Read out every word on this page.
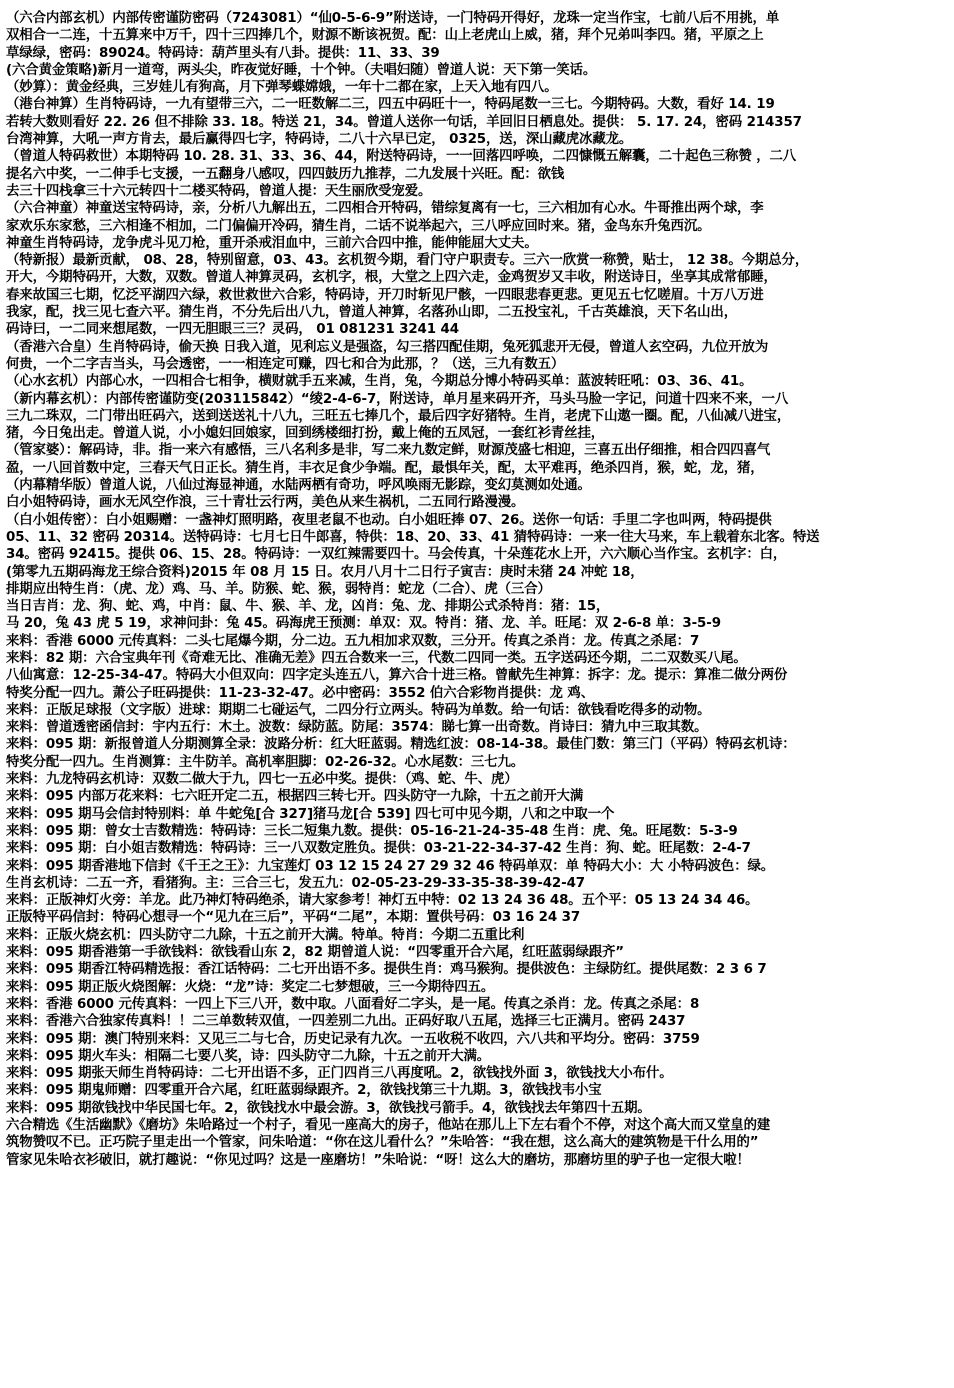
（六合内部玄机）内部传密谨防密码（7243081）“仙0-5-6-9”附送诗，一门特码开得好，龙珠一定当作宝，七前八后不用挑，单
双相合一二连，十五算来中万千，四十三四捧几个，财源不断该祝贺。配：山上老虎山上威，猪，拜个兄弟叫李四。猪，平原之上
草绿绿，密码：89024。特码诗：葫芦里头有八卦。提供：11、33、39
(六合黄金策略)新月一道弯，两头尖，昨夜觉好睡，十个钟。（夫唱妇随）曾道人说：天下第一笑话。
（妙算）：黄金经典，三岁娃儿有狗高，月下弹琴蝶嫦娥，一年十二都在家，上天入地有四八。
（港台神算）生肖特码诗，一九有望带三六，二一旺数解二三，四五中码旺十一，特码尾数一三七。今期特码。大数，看好 14. 19
若转大数则看好 22. 26 但不排除 33. 18。特送 21，34。曾道人送你一句话，羊回旧日栖息处。提供： 5. 17. 24，密码 214357
台湾神算，大吼一声方肯去，最后赢得四七字，特码诗，二八十六早已定， 0325，送，深山藏虎冰藏龙。
（曾道人特码救世）本期特码 10. 28. 31、33、36、44，附送特码诗，一一回落四呼唤，二四慷慨五解囊，二十起色三称赞 ，二八
提名六中奖，一二伸手七支援，一五翻身八感叹，四四鼓历九推荐，二九发展十兴旺。配：欲钱
去三十四栈拿三十六元转四十二楼买特码，曾道人提：天生丽欣受宠爱。
（六合神童）神童送宝特码诗，亲，分析八九解出五，二四相合开特码，错综复离有一七，三六相加有心水。牛哥推出两个球，李
家欢乐东家愁，三六相逢不相加，二门偏偏开冷码，猜生肖，二话不说举起六，三八呼应回时来。猪，金鸟东升兔西沉。
神童生肖特码诗，龙争虎斗见刀枪，重开杀戒泪血中，三前六合四中推，能伸能屈大丈夫。
（特新报）最新贡献， 08、28，特别留意，03、43。玄机贺今期，看门守户职责专。三六一欣赏一称赞，贴士， 12 38。今期总分，
开大，今期特码开，大数，双数。曾道人神算灵码，玄机字，根，大堂之上四六走，金鸡贺岁又丰收，附送诗日，坐享其成常郁睡，
春来故国三七期，忆泛平湖四六绿，救世救世六合彩，特码诗，开刀时斩见尸骸，一四眼悲春更悲。更见五七忆嗟眉。十万八万进
我家，配，找三见七查六平。猜生肖，不分先后出八九，曾道人神算，名落孙山即，二五投宝礼，千古英雄浪，天下名山出，
码诗曰，一二同来想尾数，一四无胆眼三三？灵码， 01 081231 3241 44
（香港六合皇）生肖特码诗，偷天换 日我入道，见利忘义是强盗，勾三搭四配佳期，兔死狐悲开无侵，曾道人玄空码，九位开放为
何贵，一个二字吉当头，马会透密，一一相连定可赚，四七和合为此那，？（送，三九有数五）
（心水玄机）内部心水，一四相合七相争，横财就手五来减，生肖，兔，今期总分博小特码买单：蓝波转旺吼：03、36、41。
（新内幕玄机）：内部传密谨防变(203115842）“绫2-4-6-7，附送诗，单月星来码开齐，马头马脸一字记，问道十四来不来，一八
三九二珠双，二门带出旺码六，送到送送礼十八九，三旺五七捧几个，最后四字好猪特。生肖，老虎下山遨一圈。配，八仙减八进宝，
猪，今日兔出走。曾道人说，小小媳妇回娘家，回到绣楼细打扮，戴上俺的五凤冠，一套红衫青丝挂，
（管家婆）：解码诗，非。指一来六有感悟，三八名利多是非，写二来九数定鲜，财源茂盛七相迎，三喜五出仔细推，相合四四喜气
盈，一八回首数中定，三春天气日正长。猜生肖，丰衣足食少争端。配，最惧年关，配，太平难再，绝杀四肖，猴，蛇，龙，猪，
（内幕精华版）曾道人说，八仙过海显神通，水陆两栖有奇功，呼风唤雨无影踪，变幻莫测如处通。
白小姐特码诗，画水无风空作浪，三十青壮云行两，美色从来生祸机，二五同行路漫漫。
（白小姐传密）：白小姐赐赠：一盏神灯照明路，夜里老鼠不也动。白小姐旺捧 07、26。送你一句话：手里二字也叫两，特码提供
05、11、32 密码 20314。送特码诗：七月七日牛郎喜，特供：18、20、33、41 猜特码诗：一来一往大马来，车上载着东北客。特送
34。密码 92415。提供 06、15、28。特码诗：一双红辣需要四十。马会传真，十朵莲花水上开，六六顺心当作宝。玄机字：白，
(第零九五期码海龙王综合资料)2015 年 08 月 15 日。农月八月十二日行子寅吉：庚时未猪 24 冲蛇 18，
排期应出特生肖：（虎、龙）鸡、马、羊。防猴、蛇、猴，弱特肖：蛇龙（二合）、虎（三合）
当日吉肖：龙、狗、蛇、鸡，中肖：鼠、牛、猴、羊、龙，凶肖：兔、龙、排期公式杀特肖：猪：15，
马 20，兔 43 虎 5 19，求神问卦：兔 45。码海虎王预测：单双：双。特肖：猪、龙、羊。旺尾：双 2-6-8 单：3-5-9
来料：香港 6000 元传真料：二头七尾爆今期，分二边。五九相加求双数，三分开。传真之杀肖：龙。传真之杀尾：7
来料：82 期：六合宝典年刊《奇难无比、准确无差》四五合数来一三，代数二四同一类。五字送码还今期，二二双数买八尾。
八仙寓意：12-25-34-47。特码大小但双向：四字定头连五八，算六合十进三格。曾献先生神算：拆字：龙。提示：算准二做分两份
特奖分配一四九。萧公子旺码提供：11-23-32-47。必中密码：3552 伯六合彩物肖提供：龙 鸡、
来料：正版足球报（文字版）进球：期期二七碰运气，二四分行立两头。特码为单数。给一句话：欲钱看吃得多的动物。
来料：曾道透密函信封：宇内五行：木土。波数：绿防蓝。防尾：3574：睇七算一出奇数。肖诗曰：猜九中三取其数。
来料：095 期：新报曾道人分期测算全录：波路分析：红大旺蓝弱。精选红波：08-14-38。最佳门数：第三门（平码）特码玄机诗：
特奖分配一四九。生肖测算：主牛防羊。高机率胆脚：02-26-32。心水尾数：三七九。
来料：九龙特码玄机诗：双数二做大于九，四七一五必中奖。提供：（鸡、蛇、牛、虎）
来料：095 内部万花来料：七六旺开定二五，根据四三转七开。四头防守一九除，十五之前开大满
来料：095 期马会信封特别料：单 牛蛇兔[合 327]猪马龙[合 539] 四七可中见今期，八和之中取一个
来料：095 期：曾女士吉数精选：特码诗：三长二短集九数。提供：05-16-21-24-35-48 生肖：虎、兔。旺尾数：5-3-9
来料：095 期：白小姐吉数精选：特码诗：三一八双数定胜负。提供：03-21-22-34-37-42 生肖：狗、蛇。旺尾数：2-4-7
来料：095 期香港地下信封《千王之王》：九宝莲灯 03 12 15 24 27 29 32 46 特码单双：单 特码大小：大 小特码波色：绿。
生肖玄机诗：二五一齐，看猪狗。主：三合三七，发五九：02-05-23-29-33-35-38-39-42-47
来料：正版神灯火旁：羊龙。此乃神灯特码绝杀，请大家参考！神灯五中特：02 13 24 36 48。五个平：05 13 24 34 46。
正版特平码信封：特码心想寻一个“见九在三后”，平码“二尾”，本期：置供号码：03 16 24 37
来料：正版火烧玄机：四头防守二九除，十五之前开大满。特单。特肖：今期二五重比利
来料：095 期香港第一手欲钱料：欲钱看山东 2，82 期曾道人说：“四零重开合六尾，红旺蓝弱绿跟齐”
来料：095 期香江特码精选报：香江话特码：二七开出语不多。提供生肖：鸡马猴狗。提供波色：主绿防红。提供尾数：2 3 6 7
来料：095 期正版火烧图解：火烧：“龙”诗：奖定二七梦想破，三一今期待四五。
来料：香港 6000 元传真料：一四上下三八开，数中取。八面看好二字头，是一尾。传真之杀肖：龙。传真之杀尾：8
来料：香港六合独家传真料！！二三单数转双值，一四差别二九出。正码好取八五尾，选择三七正满月。密码 2437
来料：095 期：澳门特别来料：又见三二与七合，历史记录有九次。一五收税不收四，六八共和平均分。密码：3759
来料：095 期火车头：相隔二七要八奖，诗：四头防守二九除，十五之前开大满。
来料：095 期张天师生肖特码诗：二七开出语不多，正门四肖三八再度吼。2，欲钱找外面 3，欲钱找大小布什。
来料：095 期鬼师赠：四零重开合六尾，红旺蓝弱绿跟齐。2，欲钱找第三十九期。3，欲钱找韦小宝
来料：095 期欲钱找中华民国七年。2，欲钱找水中最会游。3，欲钱找弓箭手。4，欲钱找去年第四十五期。
六合精选《生活幽默》《磨坊》朱哈路过一个村子，看见一座高大的房子，他站在那儿上下左右看个不停，对这个高大而又堂皇的建
筑物赞叹不已。正巧院子里走出一个管家，问朱哈道：“你在这儿看什么？”朱哈答：“我在想，这么高大的建筑物是干什么用的”
管家见朱哈衣衫破旧，就打趣说：“你见过吗？这是一座磨坊！”朱哈说：“呀！这么大的磨坊，那磨坊里的驴子也一定很大啦！
